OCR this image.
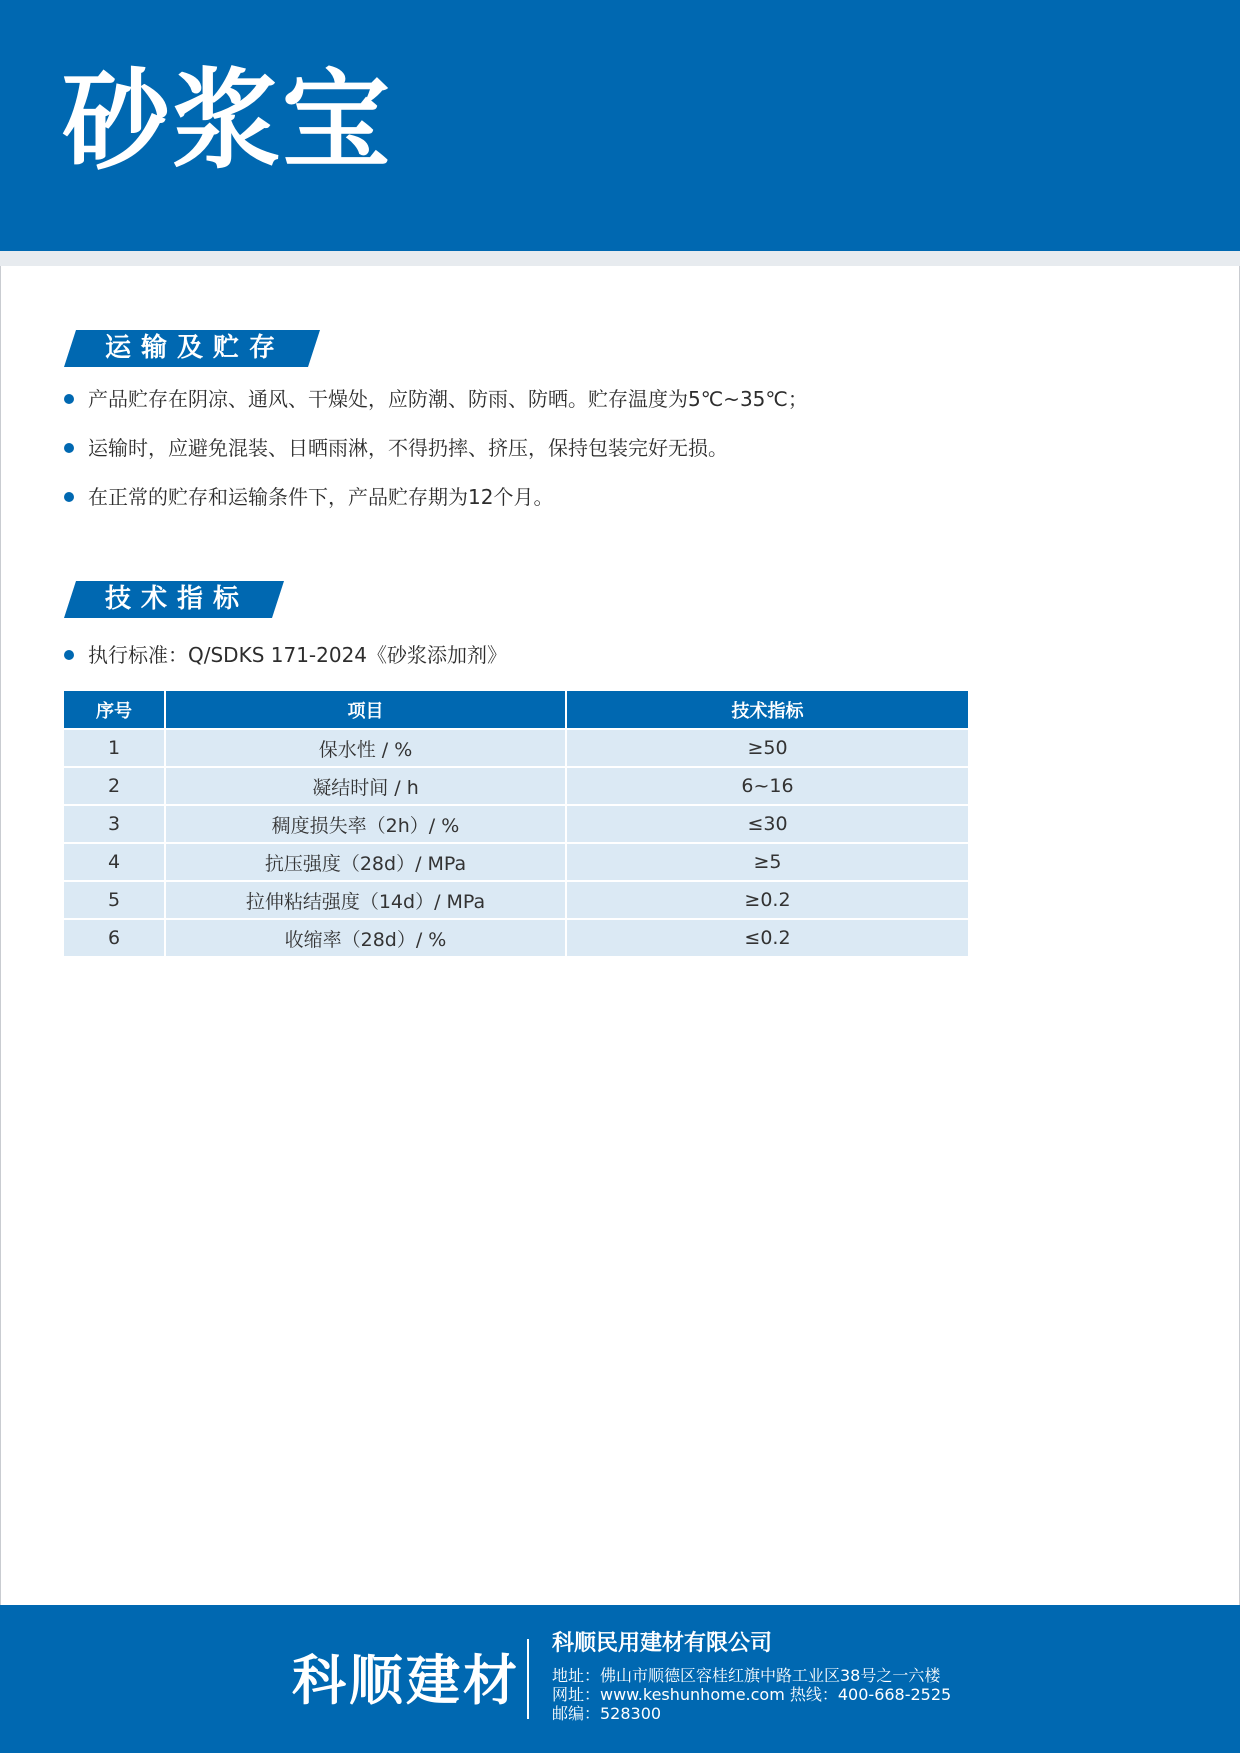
砂浆宝
运输及贮存
产品贮存在阴凉、通风、干燥处，应防潮、防雨、防晒。贮存温度为5℃~35℃；
运输时，应避免混装、日晒雨淋，不得扔摔、挤压，保持包装完好无损。
在正常的贮存和运输条件下，产品贮存期为12个月。
技术指标
执行标准：Q/SDKS 171-2024《砂浆添加剂》
序号	项目	技术指标
1	保水性 / %	≥50
2	凝结时间 / h	6~16
3	稠度损失率（2h）/ %	≤30
4	抗压强度（28d）/ MPa	≥5
5	拉伸粘结强度（14d）/ MPa	≥0.2
6	收缩率（28d）/ %	≤0.2
科顺建材
科顺民用建材有限公司
地址：佛山市顺德区容桂红旗中路工业区38号之一六楼
网址：www.keshunhome.com 热线：400-668-2525
邮编：528300
